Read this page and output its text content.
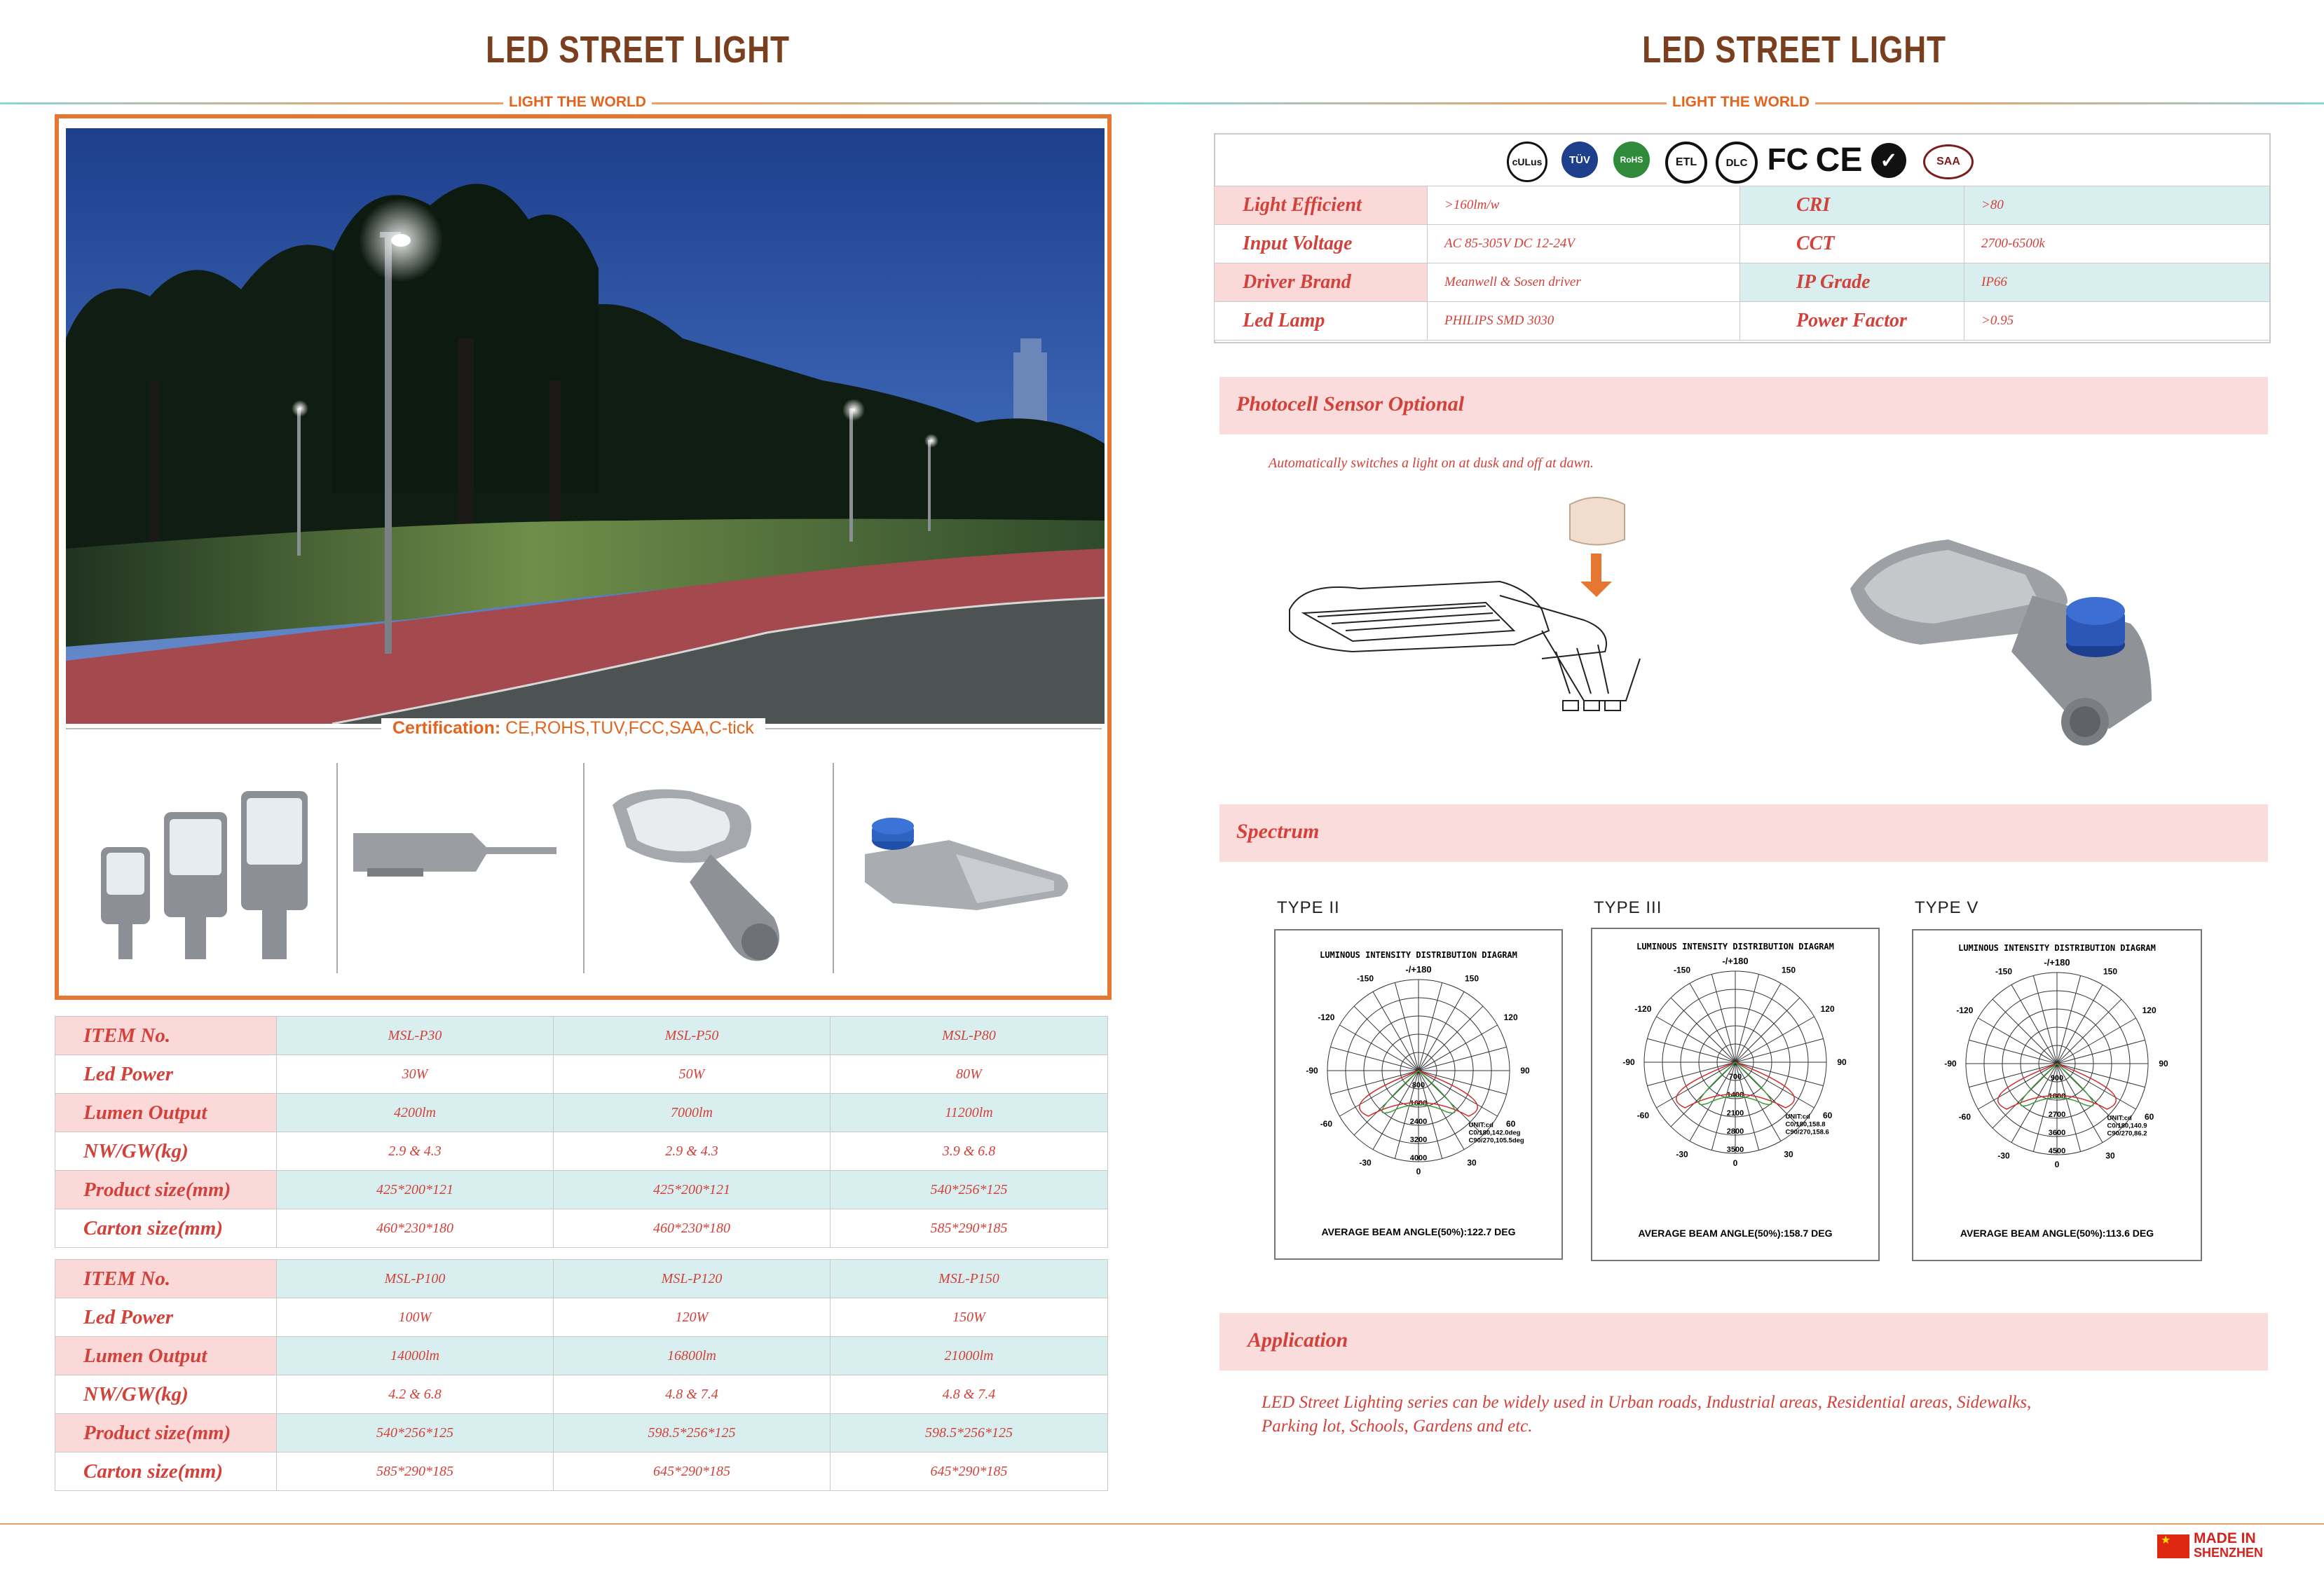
LED STREET LIGHT
LIGHT THE WORLD
Certification: CE,ROHS,TUV,FCC,SAA,C-tick
ITEM No.	MSL-P30	MSL-P50	MSL-P80
Led Power	30W	50W	80W
Lumen Output	4200lm	7000lm	11200lm
NW/GW(kg)	2.9 & 4.3	2.9 & 4.3	3.9 & 6.8
Product size(mm)	425*200*121	425*200*121	540*256*125
Carton size(mm)	460*230*180	460*230*180	585*290*185
ITEM No.	MSL-P100	MSL-P120	MSL-P150
Led Power	100W	120W	150W
Lumen Output	14000lm	16800lm	21000lm
NW/GW(kg)	4.2 & 6.8	4.8 & 7.4	4.8 & 7.4
Product size(mm)	540*256*125	598.5*256*125	598.5*256*125
Carton size(mm)	585*290*185	645*290*185	645*290*185
LED STREET LIGHT
LIGHT THE WORLD
cULus	TÜV	RoHS	ETL	DLC FC CE ✓	SAA
Light Efficient	>160lm/w	CRI	>80
Input Voltage	AC 85-305V DC 12-24V	CCT	2700-6500k
Driver Brand	Meanwell & Sosen driver	IP Grade	IP66
Led Lamp	PHILIPS SMD 3030	Power Factor	>0.95
Photocell Sensor Optional
Automatically switches a light on at dusk and off at dawn.
Spectrum
TYPE II	TYPE III	TYPE V
LUMINOUS INTENSITY DISTRIBUTION DIAGRAM
-/+180
-150	150
-120	120
-90	90
-60	60
-30	30
0
800
1600
2400
3200
4000
UNIT:cd
C0/180,142.0deg
C90/270,105.5deg
AVERAGE BEAM ANGLE(50%):122.7 DEG
LUMINOUS INTENSITY DISTRIBUTION DIAGRAM
-/+180
-150	150
-120	120
-90	90
-60	60
-30	30
0
700
1400
2100
2800
3500
UNIT:cd
C0/180,158.8
C90/270,158.6
AVERAGE BEAM ANGLE(50%):158.7 DEG
LUMINOUS INTENSITY DISTRIBUTION DIAGRAM
-/+180
-150	150
-120	120
-90	90
-60	60
-30	30
0
900
1800
2700
3600
4500
UNIT:cd
C0/180,140.9
C90/270,86.2
AVERAGE BEAM ANGLE(50%):113.6 DEG
Application
LED Street Lighting series can be widely used in Urban roads, Industrial areas, Residential areas, Sidewalks,
Parking lot, Schools, Gardens and etc.
★ MADE IN
SHENZHEN
